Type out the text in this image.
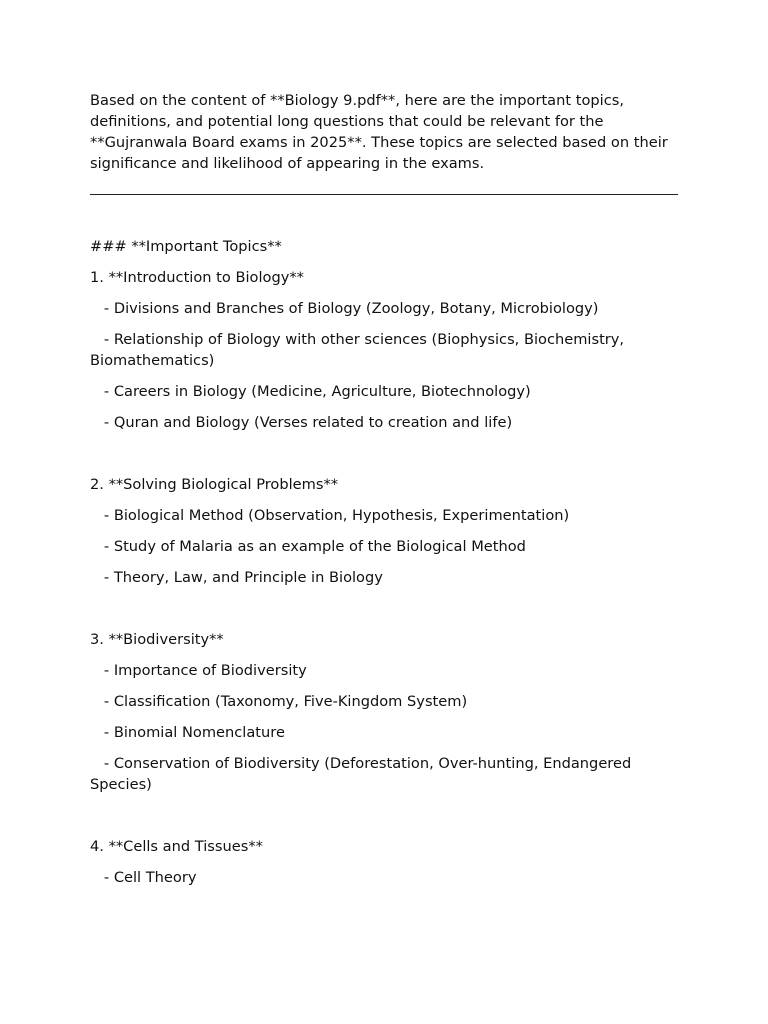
Based on the content of **Biology 9.pdf**, here are the important topics, definitions, and potential long questions that could be relevant for the **Gujranwala Board exams in 2025**. These topics are selected based on their significance and likelihood of appearing in the exams.

### **Important Topics**

1. **Introduction to Biology**

- Divisions and Branches of Biology (Zoology, Botany, Microbiology)

- Relationship of Biology with other sciences (Biophysics, Biochemistry, Biomathematics)

- Careers in Biology (Medicine, Agriculture, Biotechnology)

- Quran and Biology (Verses related to creation and life)

2. **Solving Biological Problems**

- Biological Method (Observation, Hypothesis, Experimentation)

- Study of Malaria as an example of the Biological Method

- Theory, Law, and Principle in Biology

3. **Biodiversity**

- Importance of Biodiversity

- Classification (Taxonomy, Five-Kingdom System)

- Binomial Nomenclature

- Conservation of Biodiversity (Deforestation, Over-hunting, Endangered Species)

4. **Cells and Tissues**

- Cell Theory
